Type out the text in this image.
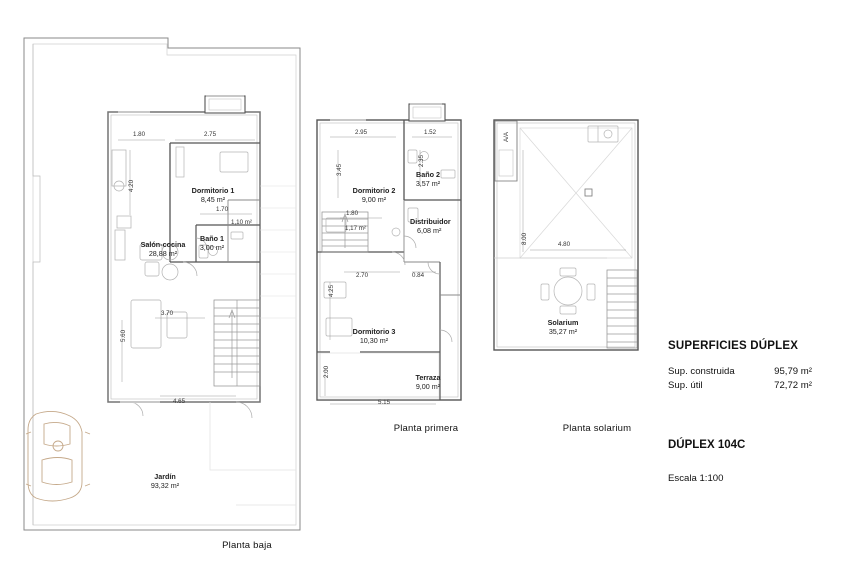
1.80	2.75
4.20
1.70
3.70
5.60
4.65
Dormitorio 1
8,45 m²
Baño 1
3,00 m²
1,10 m²
Salón-cocina
28,88 m²
Jardín
93,32 m²
Planta baja
2.95	1.52
3.45
2.35
1.80
2.70	0.84
4.25
2.00
5.15
Dormitorio 2
9,00 m²
Baño 2
3,57 m²
Distribuidor
6,08 m²
1,17 m²
Dormitorio 3
10,30 m²
Terraza
9,00 m²
Planta primera
8.00	4.80
A/A
Solarium
35,27 m²
Planta solarium
SUPERFICIES DÚPLEX
Sup. construida	95,79 m²
Sup. útil	72,72 m²
DÚPLEX 104C
Escala 1:100
